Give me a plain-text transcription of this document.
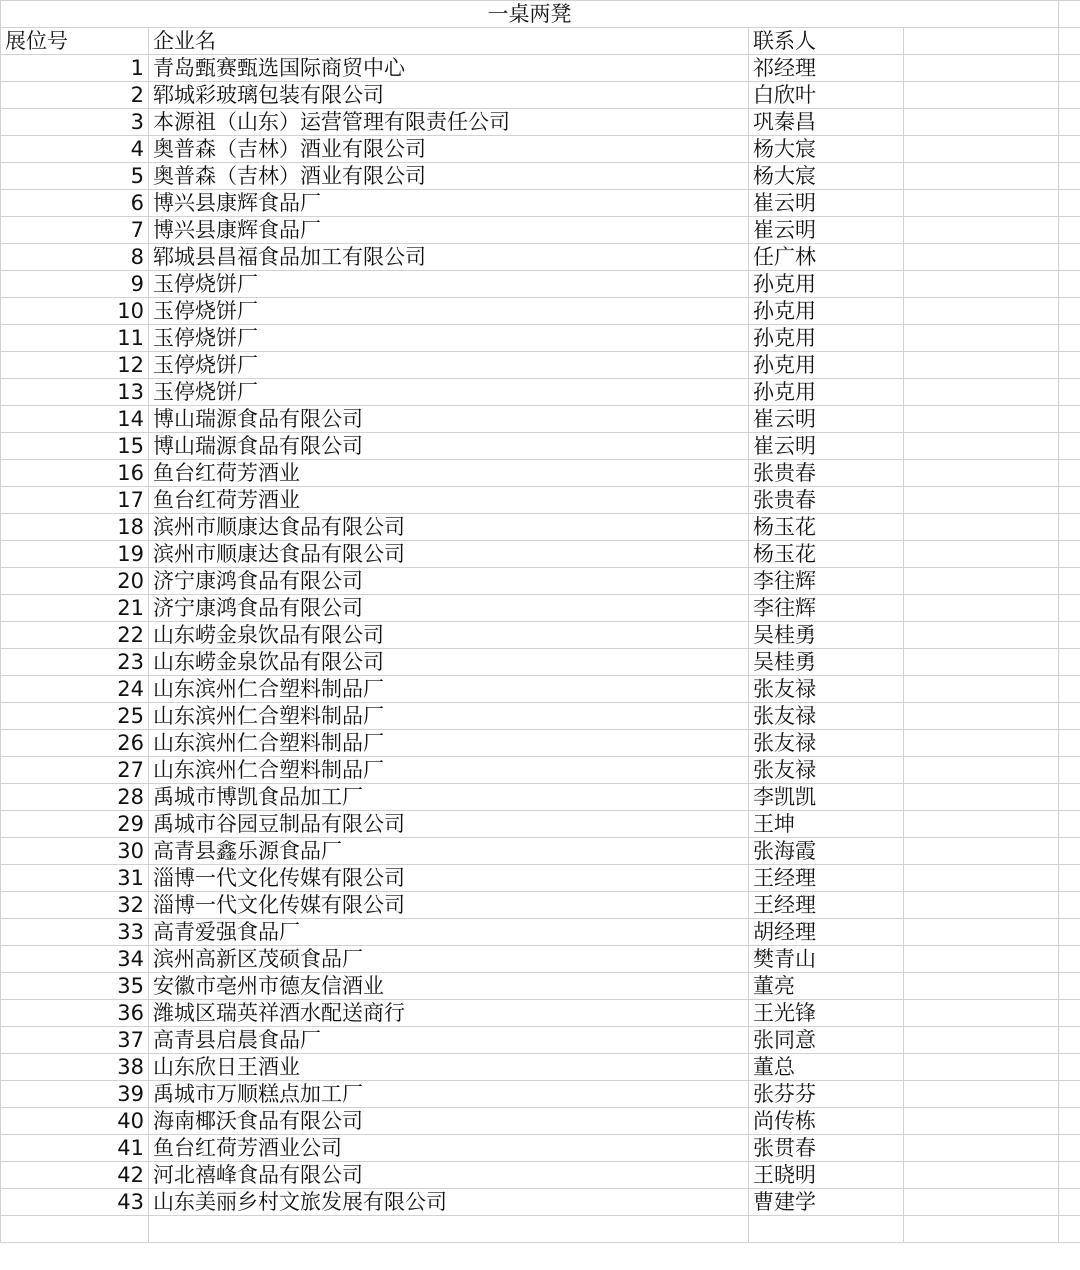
一桌两凳				
展位号	企业名	联系人		
1	青岛甄赛甄选国际商贸中心	祁经理		
2	郓城彩玻璃包装有限公司	白欣叶		
3	本源祖（山东）运营管理有限责任公司	巩秦昌		
4	奥普森（吉林）酒业有限公司	杨大宸		
5	奥普森（吉林）酒业有限公司	杨大宸		
6	博兴县康辉食品厂	崔云明		
7	博兴县康辉食品厂	崔云明		
8	郓城县昌福食品加工有限公司	任广林		
9	玉停烧饼厂	孙克用		
10	玉停烧饼厂	孙克用		
11	玉停烧饼厂	孙克用		
12	玉停烧饼厂	孙克用		
13	玉停烧饼厂	孙克用		
14	博山瑞源食品有限公司	崔云明		
15	博山瑞源食品有限公司	崔云明		
16	鱼台红荷芳酒业	张贵春		
17	鱼台红荷芳酒业	张贵春		
18	滨州市顺康达食品有限公司	杨玉花		
19	滨州市顺康达食品有限公司	杨玉花		
20	济宁康鸿食品有限公司	李往辉		
21	济宁康鸿食品有限公司	李往辉		
22	山东崂金泉饮品有限公司	吴桂勇		
23	山东崂金泉饮品有限公司	吴桂勇		
24	山东滨州仁合塑料制品厂	张友禄		
25	山东滨州仁合塑料制品厂	张友禄		
26	山东滨州仁合塑料制品厂	张友禄		
27	山东滨州仁合塑料制品厂	张友禄		
28	禹城市博凯食品加工厂	李凯凯		
29	禹城市谷园豆制品有限公司	王坤		
30	高青县鑫乐源食品厂	张海霞		
31	淄博一代文化传媒有限公司	王经理		
32	淄博一代文化传媒有限公司	王经理		
33	高青爱强食品厂	胡经理		
34	滨州高新区茂硕食品厂	樊青山		
35	安徽市亳州市德友信酒业	董亮		
36	潍城区瑞英祥酒水配送商行	王光锋		
37	高青县启晨食品厂	张同意		
38	山东欣日王酒业	董总		
39	禹城市万顺糕点加工厂	张芬芬		
40	海南椰沃食品有限公司	尚传栋		
41	鱼台红荷芳酒业公司	张贯春		
42	河北禧峰食品有限公司	王晓明		
43	山东美丽乡村文旅发展有限公司	曹建学		
